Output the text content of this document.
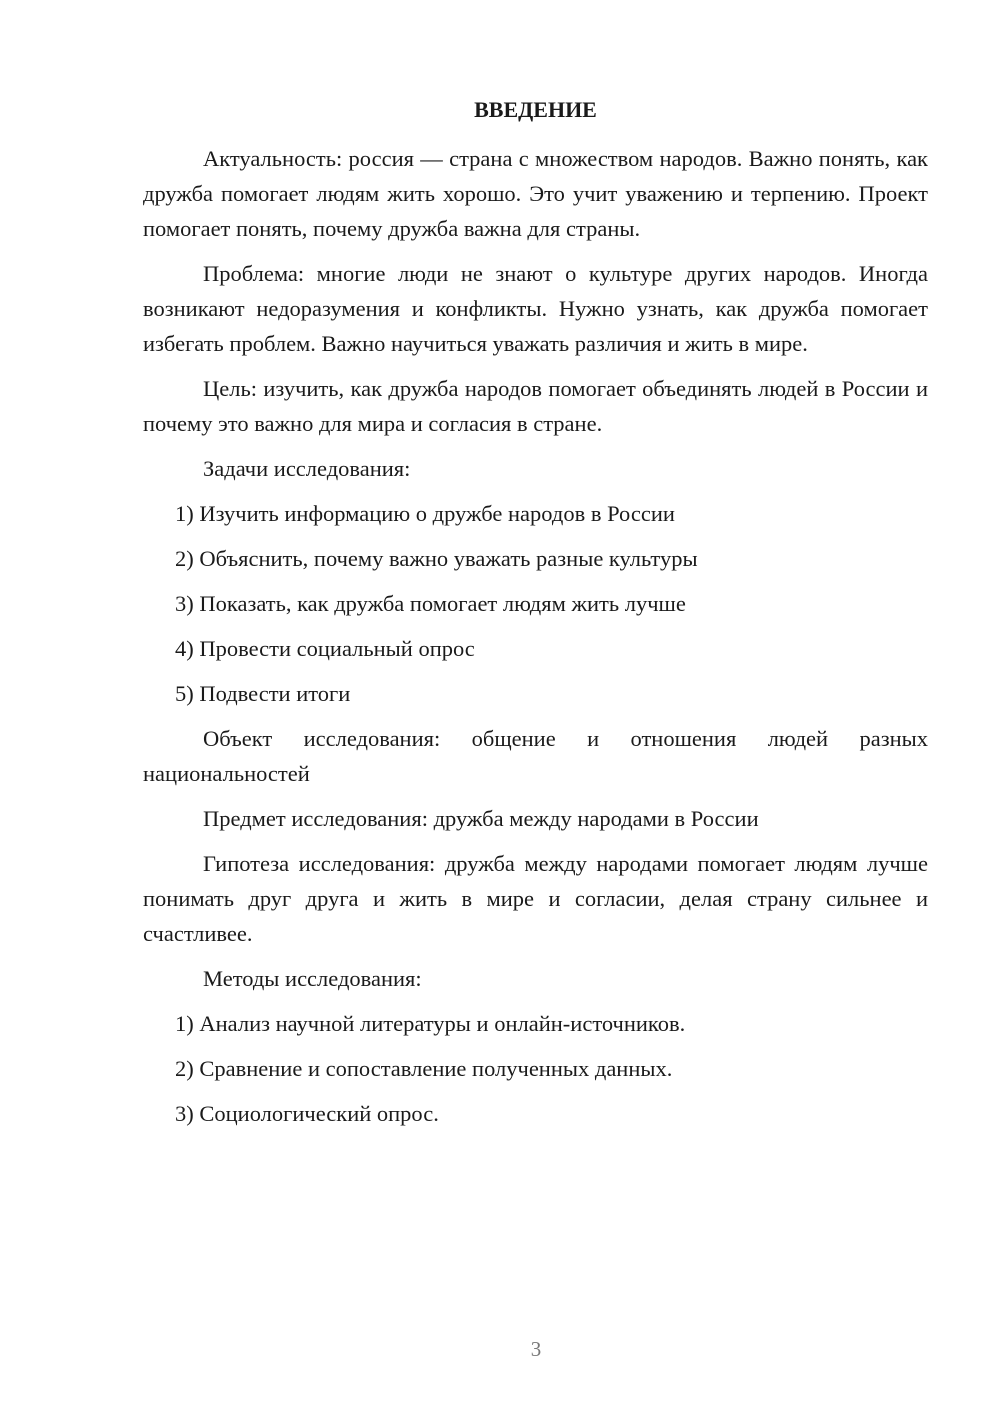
ВВЕДЕНИЕ

Актуальность: россия — страна с множеством народов. Важно понять, как дружба помогает людям жить хорошо. Это учит уважению и терпению. Проект помогает понять, почему дружба важна для страны.

Проблема: многие люди не знают о культуре других народов. Иногда возникают недоразумения и конфликты. Нужно узнать, как дружба помогает избегать проблем. Важно научиться уважать различия и жить в мире.

Цель: изучить, как дружба народов помогает объединять людей в России и почему это важно для мира и согласия в стране.

Задачи исследования:

1) Изучить информацию о дружбе народов в России
2) Объяснить, почему важно уважать разные культуры
3) Показать, как дружба помогает людям жить лучше
4) Провести социальный опрос
5) Подвести итоги

Объект исследования: общение и отношения людей разных национальностей

Предмет исследования: дружба между народами в России

Гипотеза исследования: дружба между народами помогает людям лучше понимать друг друга и жить в мире и согласии, делая страну сильнее и счастливее.

Методы исследования:

1) Анализ научной литературы и онлайн-источников.
2) Сравнение и сопоставление полученных данных.
3) Социологический опрос.
3
